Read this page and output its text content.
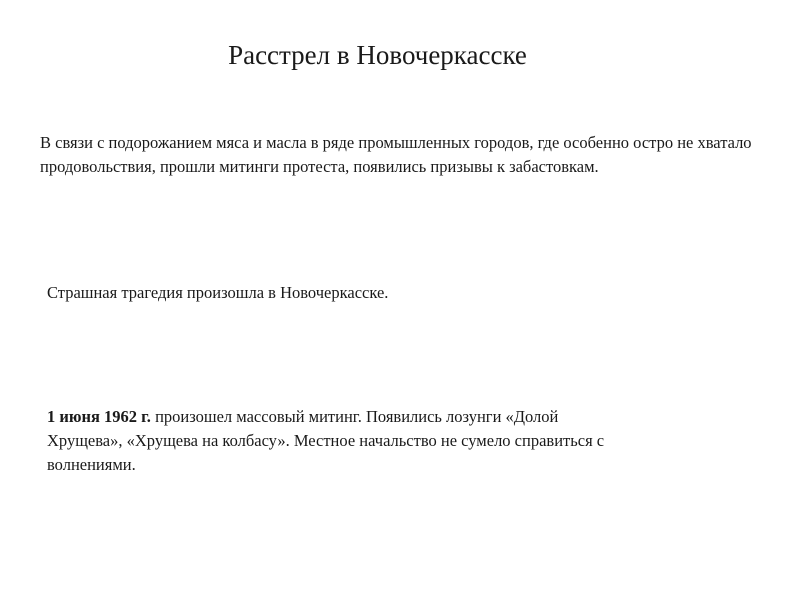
Расстрел в Новочеркасске

В связи с подорожанием мяса и масла в ряде промышленных городов, где особенно остро не хватало продовольствия, прошли митинги протеста, появились призывы к забастовкам.

Страшная трагедия произошла в Новочеркасске.

1 июня 1962 г. произошел массовый митинг. Появились лозунги «Долой Хрущева», «Хрущева на колбасу». Местное начальство не сумело справиться с волнениями.
